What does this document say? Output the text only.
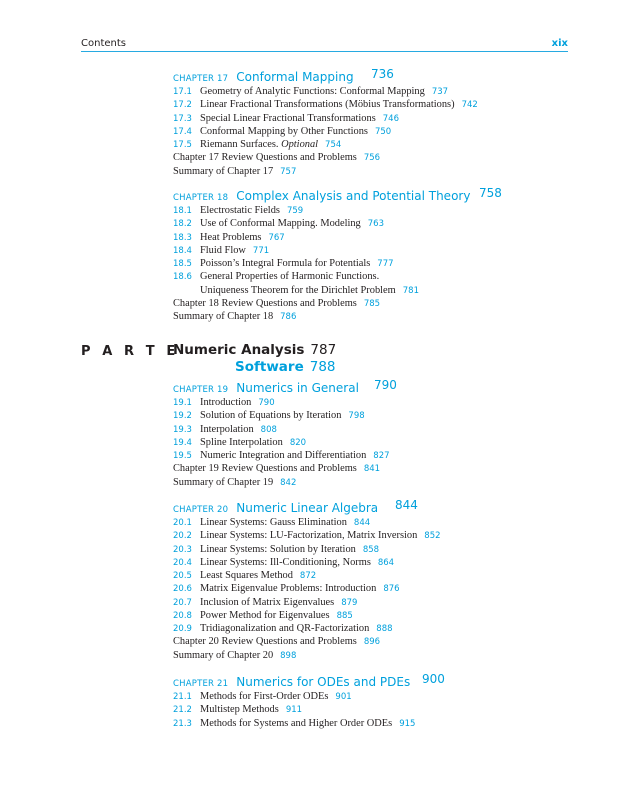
Contents	xix
CHAPTER 17 Conformal Mapping 736
17.1 Geometry of Analytic Functions: Conformal Mapping 737
17.2 Linear Fractional Transformations (Möbius Transformations) 742
17.3 Special Linear Fractional Transformations 746
17.4 Conformal Mapping by Other Functions 750
17.5 Riemann Surfaces. Optional 754
Chapter 17 Review Questions and Problems 756
Summary of Chapter 17 757
CHAPTER 18 Complex Analysis and Potential Theory 758
18.1 Electrostatic Fields 759
18.2 Use of Conformal Mapping. Modeling 763
18.3 Heat Problems 767
18.4 Fluid Flow 771
18.5 Poisson’s Integral Formula for Potentials 777
18.6 General Properties of Harmonic Functions.
Uniqueness Theorem for the Dirichlet Problem 781
Chapter 18 Review Questions and Problems 785
Summary of Chapter 18 786
P A R T E
Numeric Analysis 787
Software 788
CHAPTER 19 Numerics in General 790
19.1 Introduction 790
19.2 Solution of Equations by Iteration 798
19.3 Interpolation 808
19.4 Spline Interpolation 820
19.5 Numeric Integration and Differentiation 827
Chapter 19 Review Questions and Problems 841
Summary of Chapter 19 842
CHAPTER 20 Numeric Linear Algebra 844
20.1 Linear Systems: Gauss Elimination 844
20.2 Linear Systems: LU-Factorization, Matrix Inversion 852
20.3 Linear Systems: Solution by Iteration 858
20.4 Linear Systems: Ill-Conditioning, Norms 864
20.5 Least Squares Method 872
20.6 Matrix Eigenvalue Problems: Introduction 876
20.7 Inclusion of Matrix Eigenvalues 879
20.8 Power Method for Eigenvalues 885
20.9 Tridiagonalization and QR-Factorization 888
Chapter 20 Review Questions and Problems 896
Summary of Chapter 20 898
CHAPTER 21 Numerics for ODEs and PDEs 900
21.1 Methods for First-Order ODEs 901
21.2 Multistep Methods 911
21.3 Methods for Systems and Higher Order ODEs 915
